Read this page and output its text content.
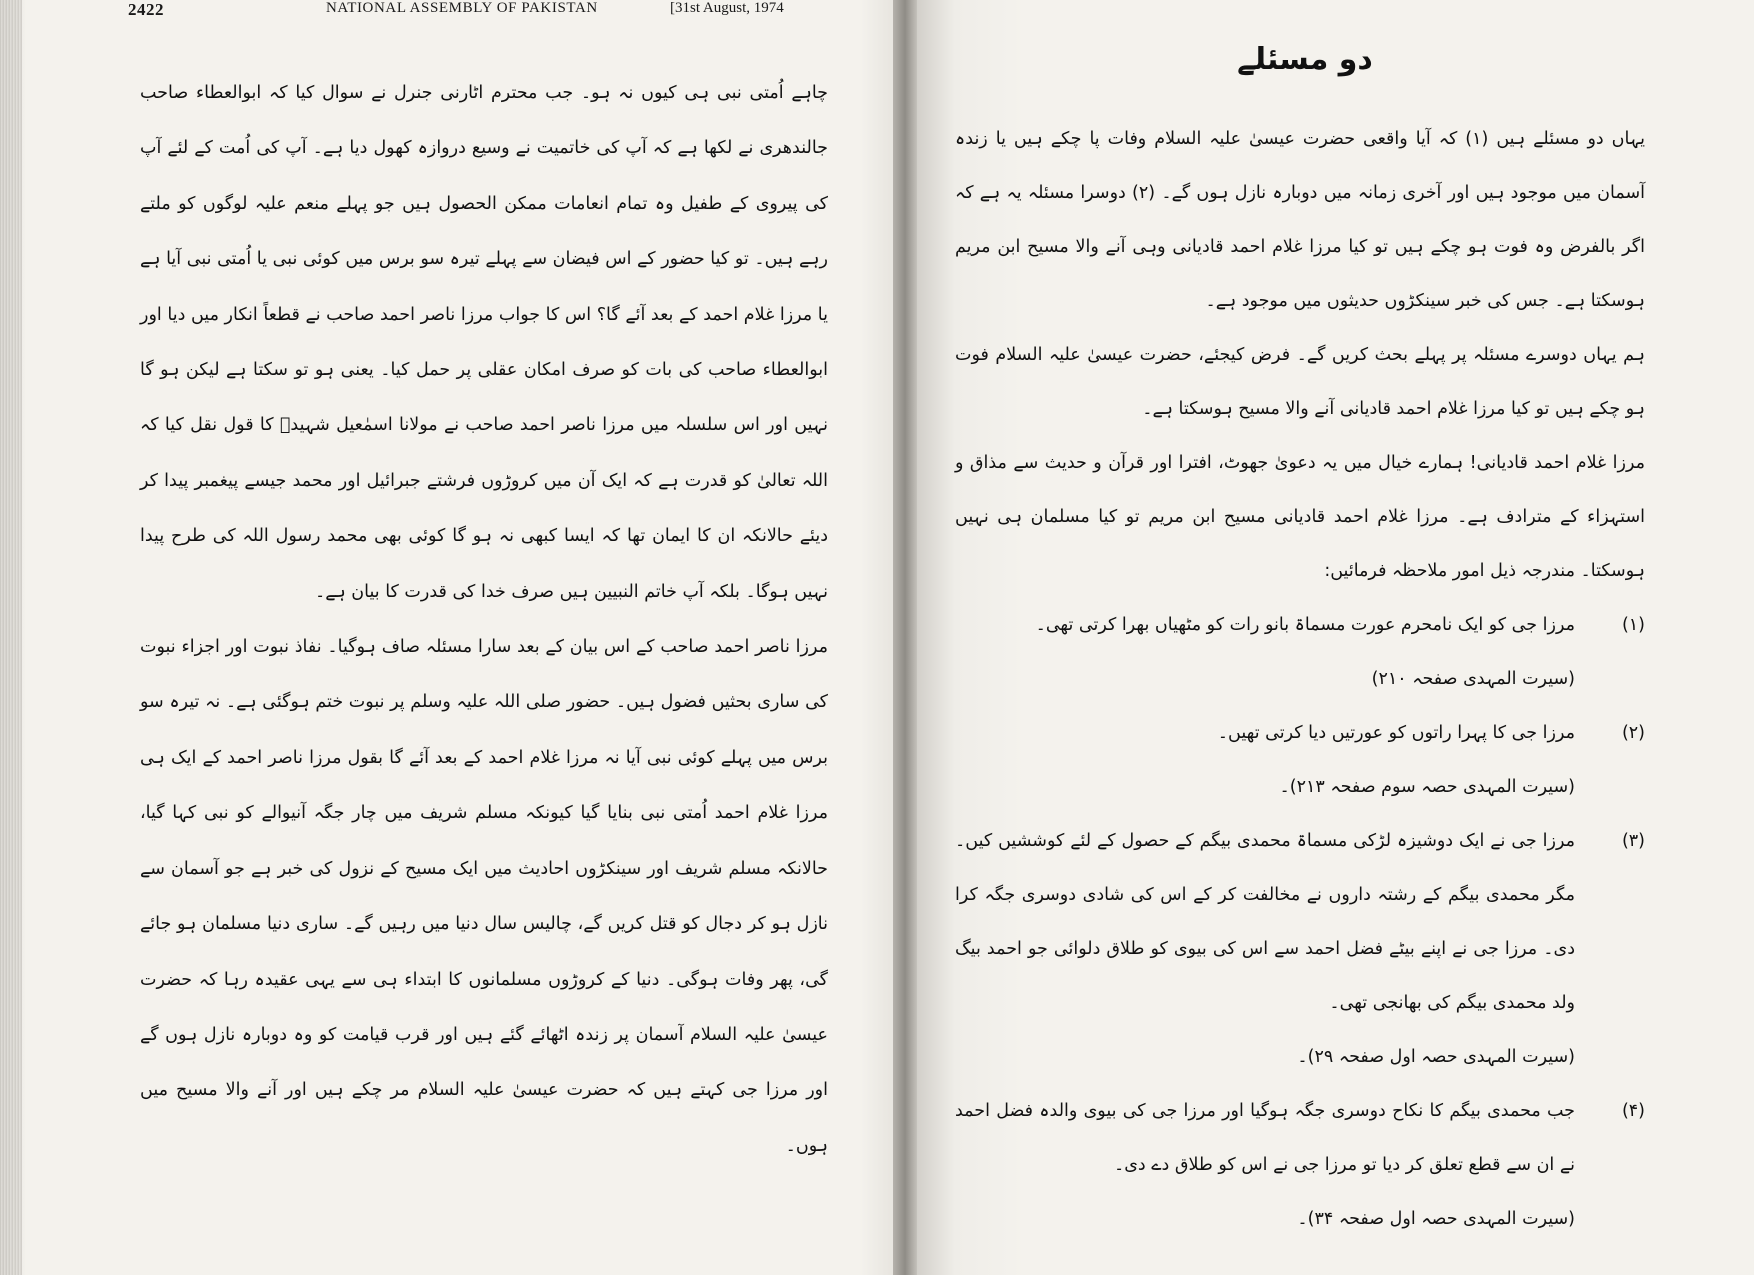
2422	NATIONAL ASSEMBLY OF PAKISTAN	[31st August, 1974

چاہے اُمتی نبی ہی کیوں نہ ہو۔ جب محترم اٹارنی جنرل نے سوال کیا کہ ابوالعطاء صاحب جالندھری نے لکھا ہے کہ آپ کی خاتمیت نے وسیع دروازہ کھول دیا ہے۔ آپ کی اُمت کے لئے آپ کی پیروی کے طفیل وہ تمام انعامات ممکن الحصول ہیں جو پہلے منعم علیہ لوگوں کو ملتے رہے ہیں۔ تو کیا حضور کے اس فیضان سے پہلے تیرہ سو برس میں کوئی نبی یا اُمتی نبی آیا ہے یا مرزا غلام احمد کے بعد آئے گا؟ اس کا جواب مرزا ناصر احمد صاحب نے قطعاً انکار میں دیا اور ابوالعطاء صاحب کی بات کو صرف امکان عقلی پر حمل کیا۔ یعنی ہو تو سکتا ہے لیکن ہو گا نہیں اور اس سلسلہ میں مرزا ناصر احمد صاحب نے مولانا اسمٰعیل شہیدؒ کا قول نقل کیا کہ اللہ تعالیٰ کو قدرت ہے کہ ایک آن میں کروڑوں فرشتے جبرائیل اور محمد جیسے پیغمبر پیدا کر دیئے حالانکہ ان کا ایمان تھا کہ ایسا کبھی نہ ہو گا کوئی بھی محمد رسول اللہ کی طرح پیدا نہیں ہوگا۔ بلکہ آپ خاتم النبیین ہیں صرف خدا کی قدرت کا بیان ہے۔

مرزا ناصر احمد صاحب کے اس بیان کے بعد سارا مسئلہ صاف ہوگیا۔ نفاذ نبوت اور اجزاء نبوت کی ساری بحثیں فضول ہیں۔ حضور صلی اللہ علیہ وسلم پر نبوت ختم ہوگئی ہے۔ نہ تیرہ سو برس میں پہلے کوئی نبی آیا نہ مرزا غلام احمد کے بعد آئے گا بقول مرزا ناصر احمد کے ایک ہی مرزا غلام احمد اُمتی نبی بنایا گیا کیونکہ مسلم شریف میں چار جگہ آنیوالے کو نبی کہا گیا، حالانکہ مسلم شریف اور سینکڑوں احادیث میں ایک مسیح کے نزول کی خبر ہے جو آسمان سے نازل ہو کر دجال کو قتل کریں گے، چالیس سال دنیا میں رہیں گے۔ ساری دنیا مسلمان ہو جائے گی، پھر وفات ہوگی۔ دنیا کے کروڑوں مسلمانوں کا ابتداء ہی سے یہی عقیدہ رہا کہ حضرت عیسیٰ علیہ السلام آسمان پر زندہ اٹھائے گئے ہیں اور قرب قیامت کو وہ دوبارہ نازل ہوں گے اور مرزا جی کہتے ہیں کہ حضرت عیسیٰ علیہ السلام مر چکے ہیں اور آنے والا مسیح میں ہوں۔

دو مسئلے

یہاں دو مسئلے ہیں (۱) کہ آیا واقعی حضرت عیسیٰ علیہ السلام وفات پا چکے ہیں یا زندہ آسمان میں موجود ہیں اور آخری زمانہ میں دوبارہ نازل ہوں گے۔ (۲) دوسرا مسئلہ یہ ہے کہ اگر بالفرض وہ فوت ہو چکے ہیں تو کیا مرزا غلام احمد قادیانی وہی آنے والا مسیح ابن مریم ہوسکتا ہے۔ جس کی خبر سینکڑوں حدیثوں میں موجود ہے۔

ہم یہاں دوسرے مسئلہ پر پہلے بحث کریں گے۔ فرض کیجئے، حضرت عیسیٰ علیہ السلام فوت ہو چکے ہیں تو کیا مرزا غلام احمد قادیانی آنے والا مسیح ہوسکتا ہے۔

مرزا غلام احمد قادیانی! ہمارے خیال میں یہ دعویٰ جھوٹ، افترا اور قرآن و حدیث سے مذاق و استہزاء کے مترادف ہے۔ مرزا غلام احمد قادیانی مسیح ابن مریم تو کیا مسلمان ہی نہیں ہوسکتا۔ مندرجہ ذیل امور ملاحظہ فرمائیں:

(۱)
مرزا جی کو ایک نامحرم عورت مسماۃ بانو رات کو مٹھیاں بھرا کرتی تھی۔
(سیرت المہدی صفحہ ۲۱۰)
(۲)
مرزا جی کا پہرا راتوں کو عورتیں دیا کرتی تھیں۔
(سیرت المہدی حصہ سوم صفحہ ۲۱۳)۔
(۳)
مرزا جی نے ایک دوشیزہ لڑکی مسماۃ محمدی بیگم کے حصول کے لئے کوششیں کیں۔ مگر محمدی بیگم کے رشتہ داروں نے مخالفت کر کے اس کی شادی دوسری جگہ کرا دی۔ مرزا جی نے اپنے بیٹے فضل احمد سے اس کی بیوی کو طلاق دلوائی جو احمد بیگ ولد محمدی بیگم کی بھانجی تھی۔
(سیرت المہدی حصہ اول صفحہ ۲۹)۔
(۴)
جب محمدی بیگم کا نکاح دوسری جگہ ہوگیا اور مرزا جی کی بیوی والدہ فضل احمد نے ان سے قطع تعلق کر دیا تو مرزا جی نے اس کو طلاق دے دی۔
(سیرت المہدی حصہ اول صفحہ ۳۴)۔
